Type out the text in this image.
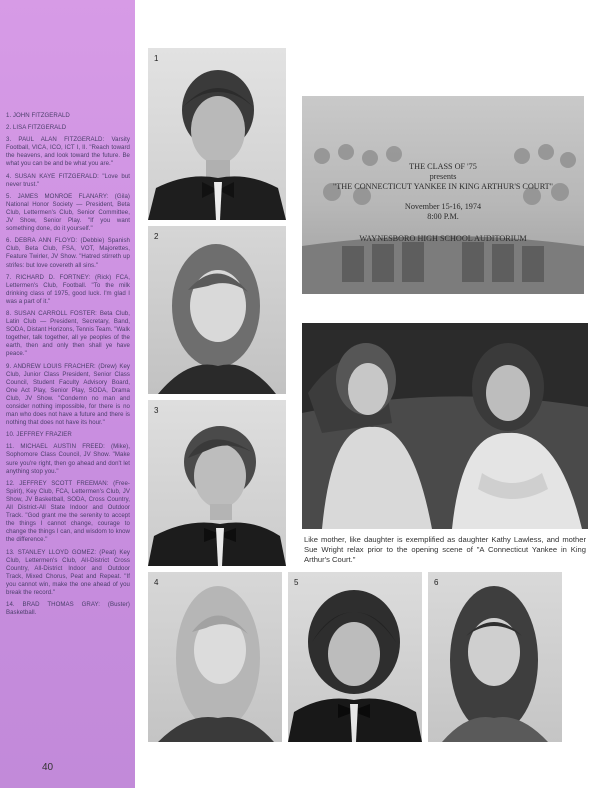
1. JOHN FITZGERALD

2. LISA FITZGERALD

3. PAUL ALAN FITZGERALD: Varsity Football, VICA, ICO, ICT I, II. "Reach toward the heavens, and look toward the future. Be what you can be and be what you are."

4. SUSAN KAYE FITZGERALD: "Love but never trust."

5. JAMES MONROE FLANARY: (Gila) National Honor Society — President, Beta Club, Lettermen's Club, Senior Committee, JV Show, Senior Play. "If you want something done, do it yourself."

6. DEBRA ANN FLOYD: (Debbie) Spanish Club, Beta Club, FSA, VOT, Majorettes, Feature Twirler, JV Show. "Hatred stirreth up strifes: but love covereth all sins."

7. RICHARD D. FORTNEY: (Rick) FCA, Lettermen's Club, Football. "To the milk drinking class of 1975, good luck. I'm glad I was a part of it."

8. SUSAN CARROLL FOSTER: Beta Club, Latin Club — President, Secretary, Band, SODA, Distant Horizons, Tennis Team. "Walk together, talk together, all ye peoples of the earth, then and only then shall ye have peace."

9. ANDREW LOUIS FRACHER: (Drew) Key Club, Junior Class President, Senior Class Council, Student Faculty Advisory Board, One Act Play, Senior Play, SODA, Drama Club, JV Show. "Condemn no man and consider nothing impossible, for there is no man who does not have a future and there is nothing that does not have its hour."

10. JEFFREY FRAZIER

11. MICHAEL AUSTIN FREED: (Mike), Sophomore Class Council, JV Show. "Make sure you're right, then go ahead and don't let anything stop you."

12. JEFFREY SCOTT FREEMAN: (Free-Spirit), Key Club, FCA, Lettermen's Club, JV Show, JV Basketball, SODA, Cross Country, All District-All State Indoor and Outdoor Track. "God grant me the serenity to accept the things I cannot change, courage to change the things I can, and wisdom to know the difference."

13. STANLEY LLOYD GOMEZ: (Peat) Key Club, Lettermen's Club, All-District Cross Country, All-District Indoor and Outdoor Track, Mixed Chorus, Peat and Repeat. "If you cannot win, make the one ahead of you break the record."

14. BRAD THOMAS GRAY: (Buster) Basketball.

40
1
2
3
4	5	6
THE CLASS OF '75
presents
"THE CONNECTICUT YANKEE IN KING ARTHUR'S COURT"
November 15-16, 1974
8:00 P.M.
WAYNESBORO HIGH SCHOOL AUDITORIUM
Like mother, like daughter is exemplified as daughter Kathy Lawless, and mother Sue Wright relax prior to the opening scene of "A Connecticut Yankee in King Arthur's Court."
